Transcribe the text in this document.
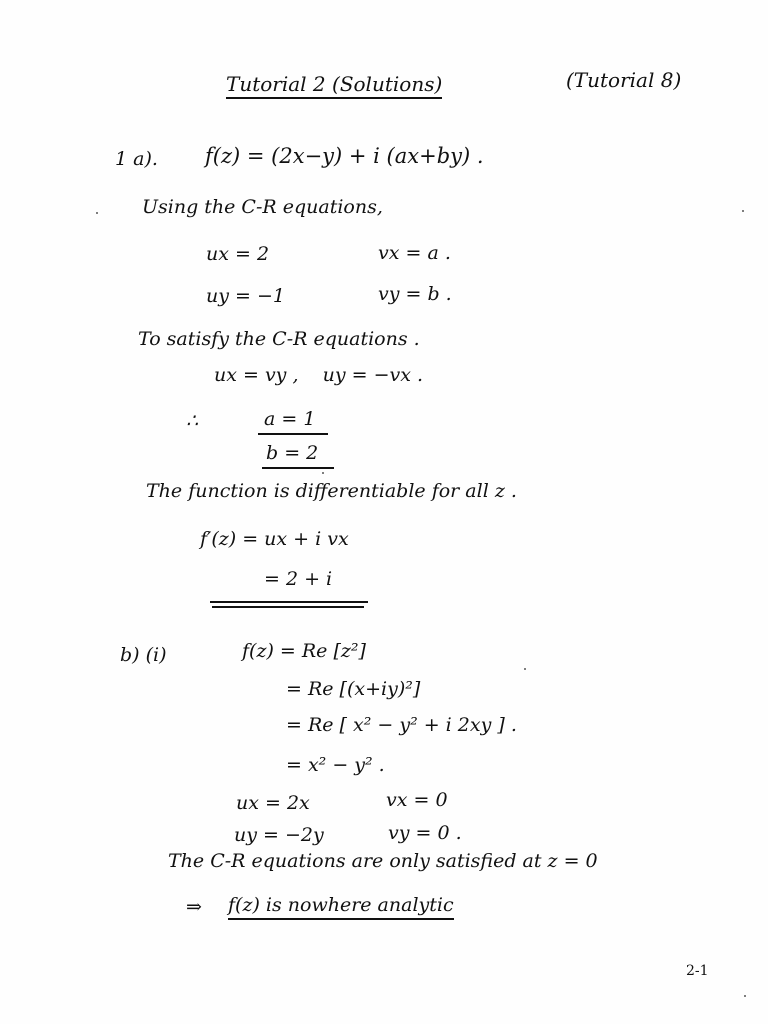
Tutorial 2 (Solutions)	(Tutorial 8)
1 a). f(z) = (2x−y) + i (ax+by) .
Using the C-R equations,
ux = 2	vx = a .
uy = −1	vy = b .
To satisfy the C-R equations .
ux = vy ,    uy = −vx .
∴	a = 1
b = 2
The function is differentiable for all z .
f′(z) = ux + i vx
= 2 + i
b) (i)	f(z) = Re [z²]
= Re [(x+iy)²]
= Re [ x² − y² + i 2xy ] .
= x² − y² .
ux = 2x	vx = 0
uy = −2y	vy = 0 .
The C-R equations are only satisfied at z = 0
⇒ f(z) is nowhere analytic
2-1
